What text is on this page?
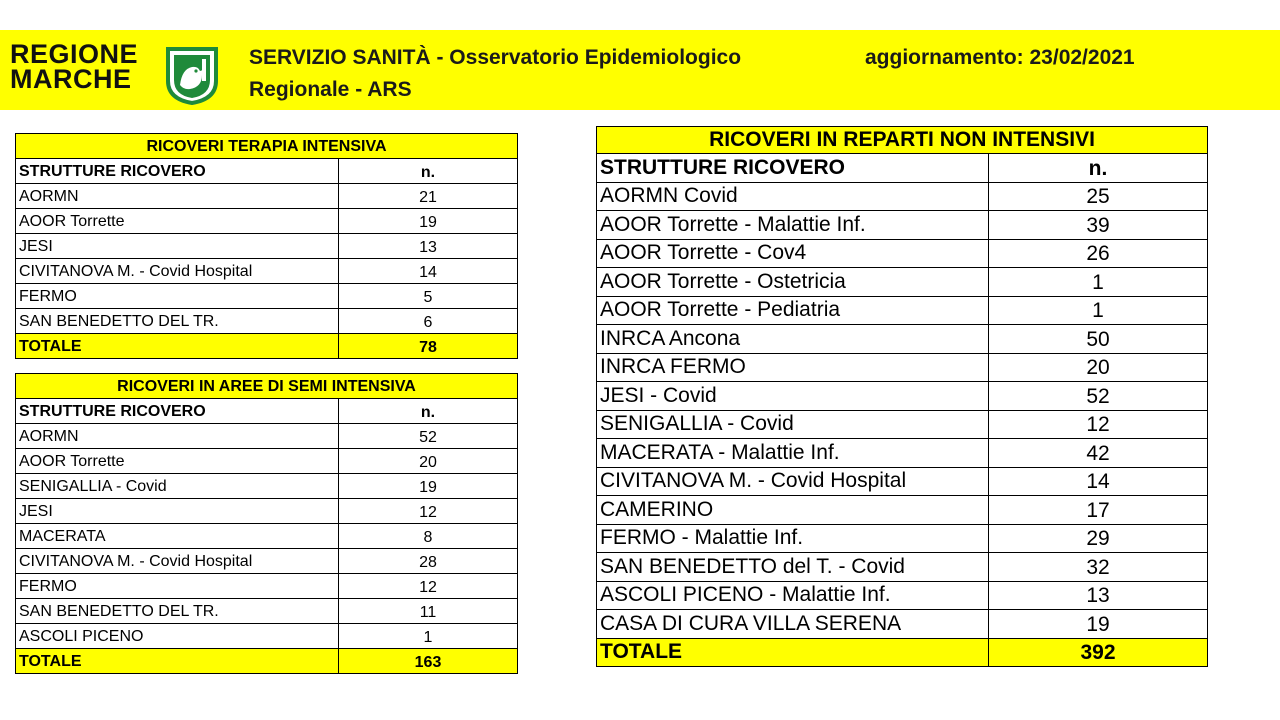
REGIONE
MARCHE
SERVIZIO SANITÀ - Osservatorio Epidemiologico
Regionale - ARS
aggiornamento: 23/02/2021
RICOVERI TERAPIA INTENSIVA	
STRUTTURE RICOVERO	n.
AORMN	21
AOOR Torrette	19
JESI	13
CIVITANOVA M. - Covid Hospital	14
FERMO	5
SAN BENEDETTO DEL TR.	6
TOTALE	78
RICOVERI IN AREE DI SEMI INTENSIVA	
STRUTTURE RICOVERO	n.
AORMN	52
AOOR Torrette	20
SENIGALLIA - Covid	19
JESI	12
MACERATA	8
CIVITANOVA M. - Covid Hospital	28
FERMO	12
SAN BENEDETTO DEL TR.	11
ASCOLI PICENO	1
TOTALE	163
RICOVERI IN REPARTI NON INTENSIVI	
STRUTTURE RICOVERO	n.
AORMN Covid	25
AOOR Torrette - Malattie Inf.	39
AOOR Torrette - Cov4	26
AOOR Torrette - Ostetricia	1
AOOR Torrette - Pediatria	1
INRCA Ancona	50
INRCA FERMO	20
JESI - Covid	52
SENIGALLIA - Covid	12
MACERATA - Malattie Inf.	42
CIVITANOVA M. - Covid Hospital	14
CAMERINO	17
FERMO - Malattie Inf.	29
SAN BENEDETTO del T. - Covid	32
ASCOLI PICENO - Malattie Inf.	13
CASA DI CURA VILLA SERENA	19
TOTALE	392
